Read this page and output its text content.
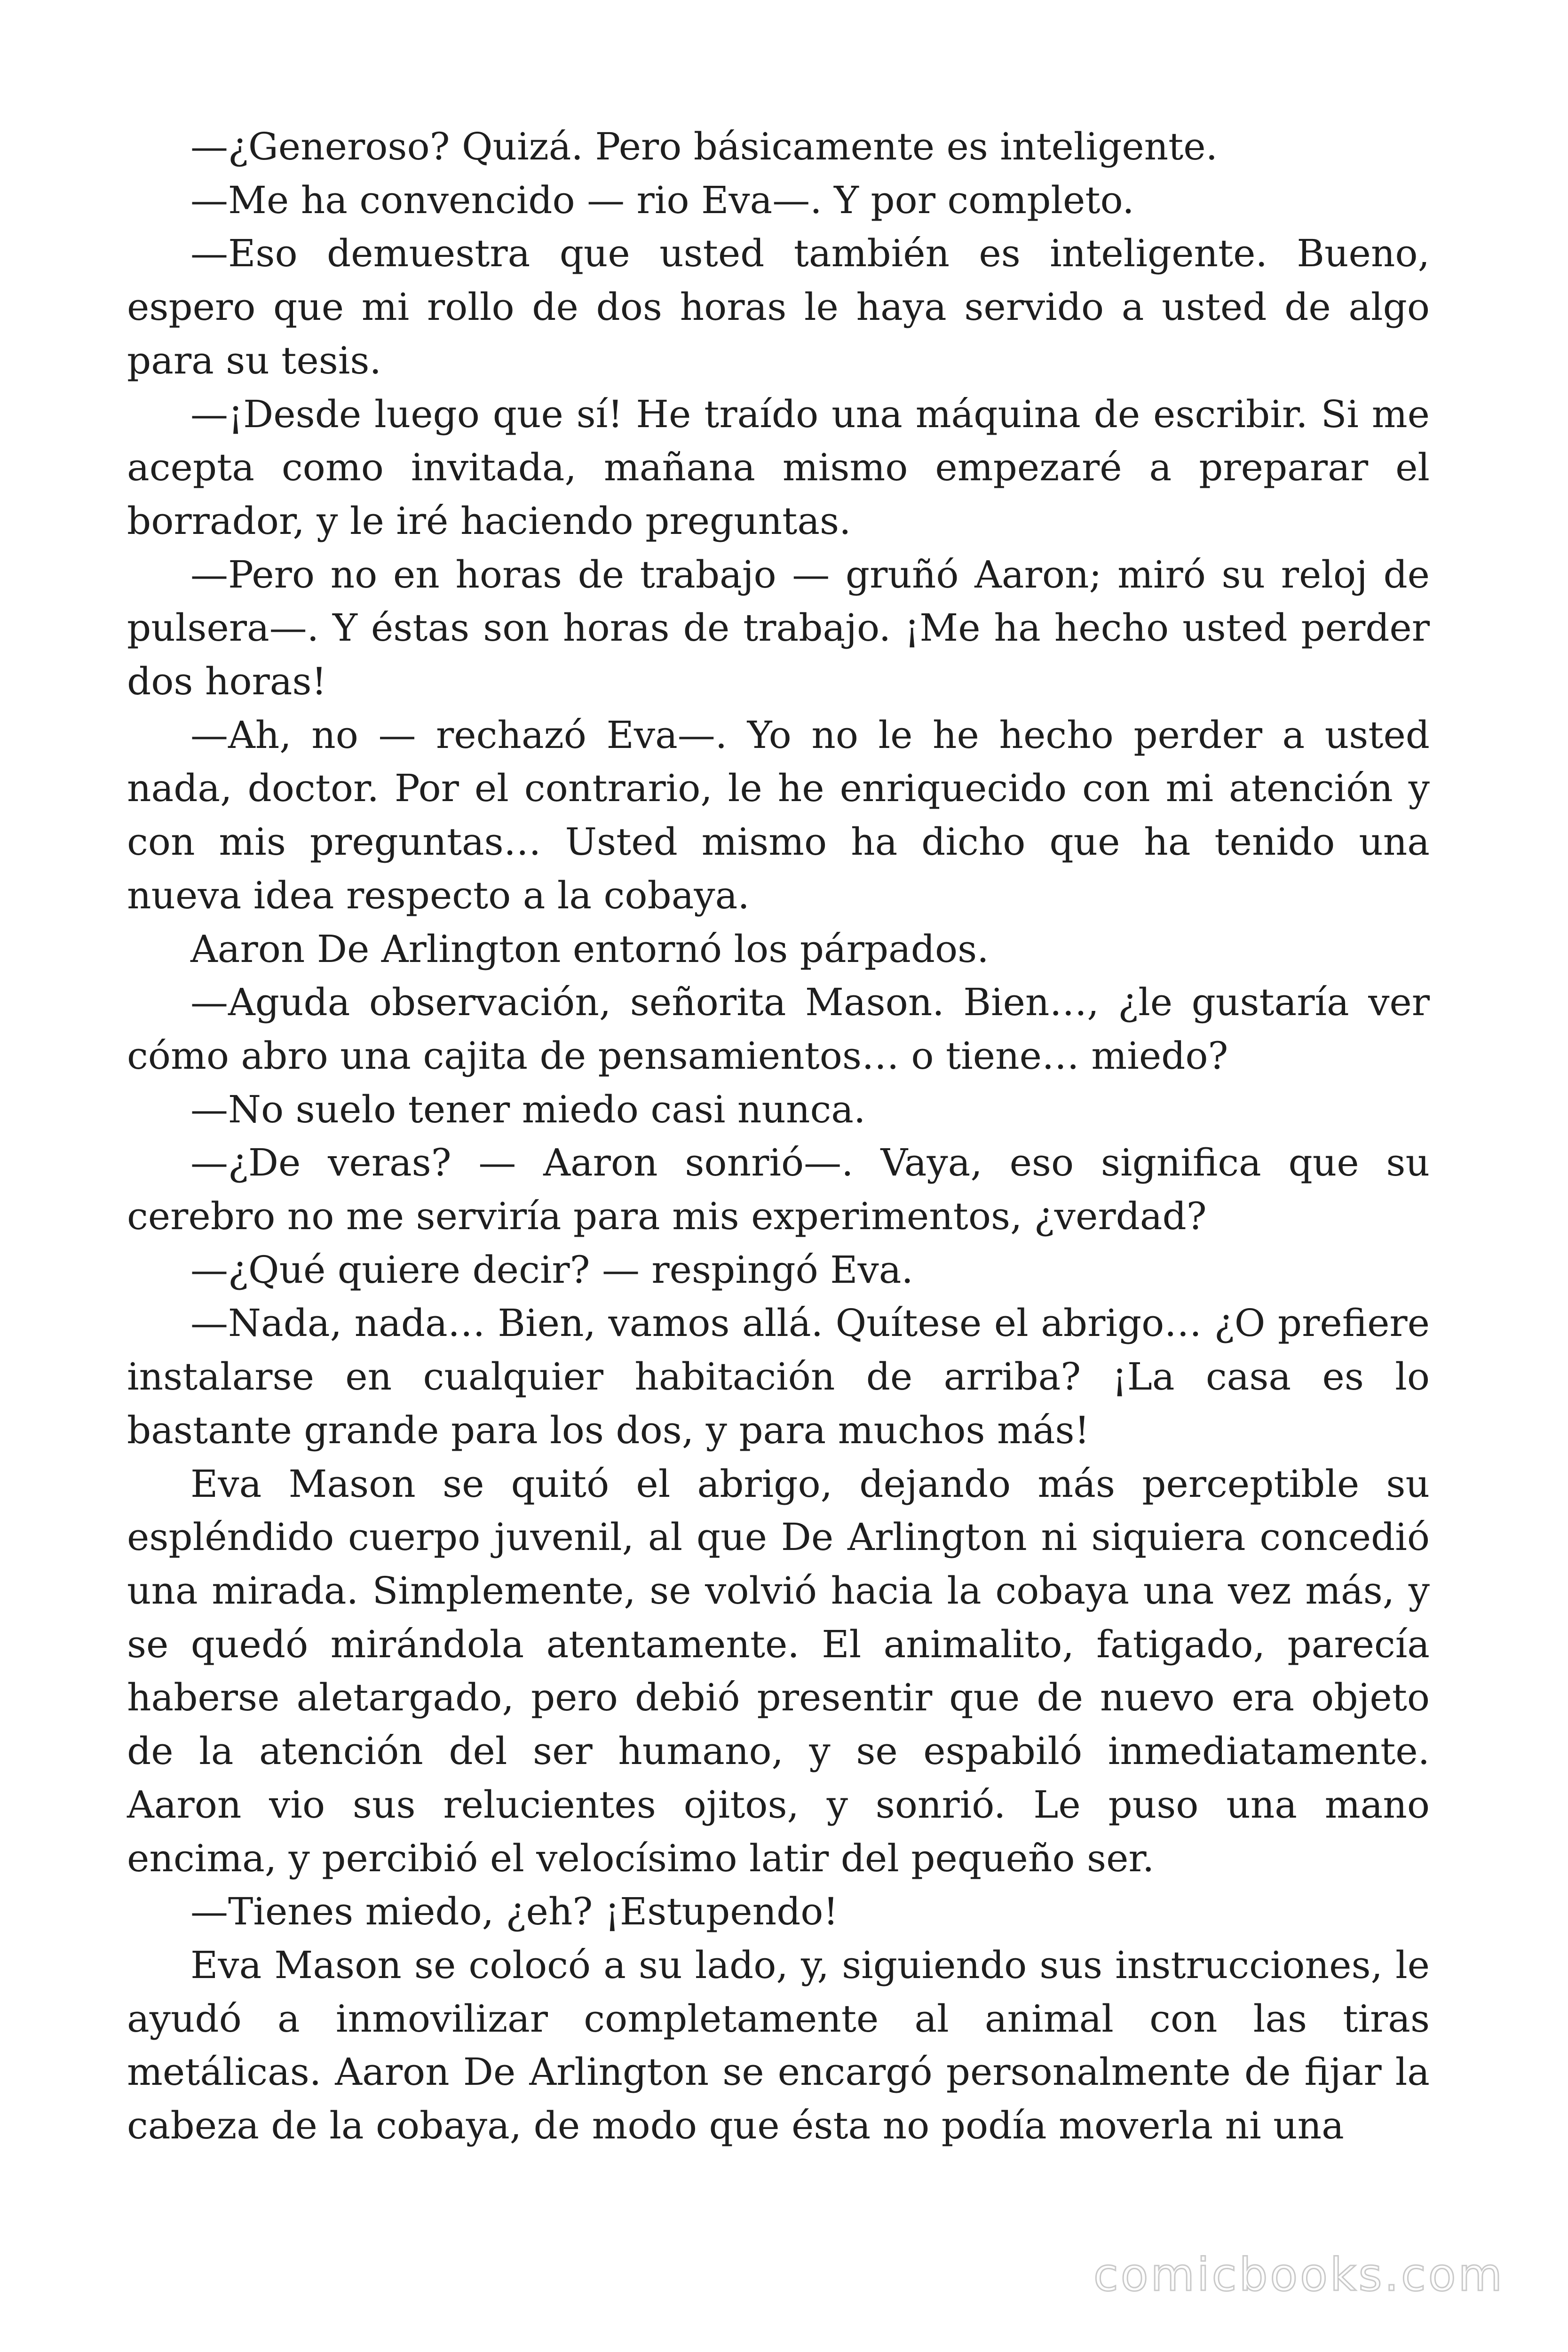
—¿Generoso? Quizá. Pero básicamente es inteligente.

—Me ha convencido — rio Eva—. Y por completo.

—Eso demuestra que usted también es inteligente. Bueno, espero que mi rollo de dos horas le haya servido a usted de algo para su tesis.

—¡Desde luego que sí! He traído una máquina de escribir. Si me acepta como invitada, mañana mismo empezaré a preparar el borrador, y le iré haciendo preguntas.

—Pero no en horas de trabajo — gruñó Aaron; miró su reloj de pulsera—. Y éstas son horas de trabajo. ¡Me ha hecho usted perder dos horas!

—Ah, no — rechazó Eva—. Yo no le he hecho perder a usted nada, doctor. Por el contrario, le he enriquecido con mi atención y con mis preguntas… Usted mismo ha dicho que ha tenido una nueva idea respecto a la cobaya.

Aaron De Arlington entornó los párpados.

—Aguda observación, señorita Mason. Bien…, ¿le gustaría ver cómo abro una cajita de pensamientos… o tiene… miedo?

—No suelo tener miedo casi nunca.

—¿De veras? — Aaron sonrió—. Vaya, eso significa que su cerebro no me serviría para mis experimentos, ¿verdad?

—¿Qué quiere decir? — respingó Eva.

—Nada, nada… Bien, vamos allá. Quítese el abrigo… ¿O prefiere instalarse en cualquier habitación de arriba? ¡La casa es lo bastante grande para los dos, y para muchos más!

Eva Mason se quitó el abrigo, dejando más perceptible su espléndido cuerpo juvenil, al que De Arlington ni siquiera concedió una mirada. Simplemente, se volvió hacia la cobaya una vez más, y se quedó mirándola atentamente. El animalito, fatigado, parecía haberse aletargado, pero debió presentir que de nuevo era objeto de la atención del ser humano, y se espabiló inmediatamente. Aaron vio sus relucientes ojitos, y sonrió. Le puso una mano encima, y percibió el velocísimo latir del pequeño ser.

—Tienes miedo, ¿eh? ¡Estupendo!

Eva Mason se colocó a su lado, y, siguiendo sus instrucciones, le ayudó a inmovilizar completamente al animal con las tiras metálicas. Aaron De Arlington se encargó personalmente de fijar la cabeza de la cobaya, de modo que ésta no podía moverla ni una

comicbooks.com
